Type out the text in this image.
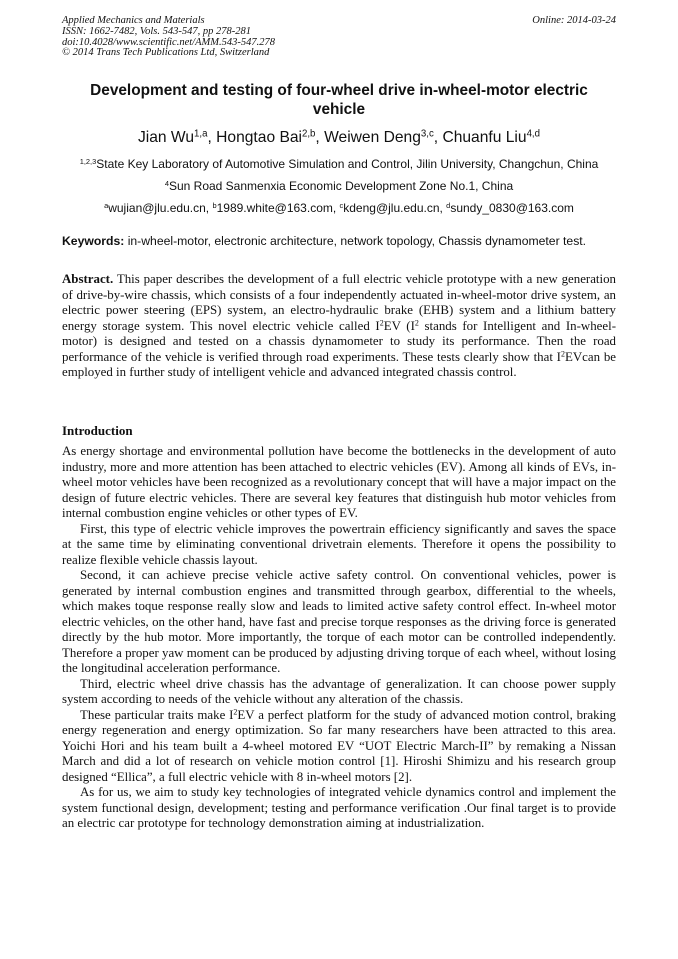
Applied Mechanics and Materials
ISSN: 1662-7482, Vols. 543-547, pp 278-281
doi:10.4028/www.scientific.net/AMM.543-547.278
© 2014 Trans Tech Publications Ltd, Switzerland
Online: 2014-03-24
Development and testing of four-wheel drive in-wheel-motor electric vehicle
Jian Wu$^{1,a}$, Hongtao Bai$^{2,b}$, Weiwen Deng$^{3,c}$, Chuanfu Liu$^{4,d}$
$^{1,2,3}$State Key Laboratory of Automotive Simulation and Control, Jilin University, Changchun, China
$^4$Sun Road Sanmenxia Economic Development Zone No.1, China
$^a$wujian@jlu.edu.cn, $^b$1989.white@163.com, $^c$kdeng@jlu.edu.cn, $^d$sundy_0830@163.com
Keywords: in-wheel-motor, electronic architecture, network topology, Chassis dynamometer test.

Abstract. This paper describes the development of a full electric vehicle prototype with a new generation of drive-by-wire chassis, which consists of a four independently actuated in-wheel-motor drive system, an electric power steering (EPS) system, an electro-hydraulic brake (EHB) system and a lithium battery energy storage system. This novel electric vehicle called $I^2EV$ ($I^2$ stands for Intelligent and In-wheel-motor) is designed and tested on a chassis dynamometer to study its performance. Then the road performance of the vehicle is verified through road experiments. These tests clearly show that $I^2EVcan$ be employed in further study of intelligent vehicle and advanced integrated chassis control.

Introduction

As energy shortage and environmental pollution have become the bottlenecks in the development of auto industry, more and more attention has been attached to electric vehicles (EV). Among all kinds of EVs, in-wheel motor vehicles have been recognized as a revolutionary concept that will have a major impact on the design of future electric vehicles. There are several key features that distinguish hub motor vehicles from internal combustion engine vehicles or other types of EV.

First, this type of electric vehicle improves the powertrain efficiency significantly and saves the space at the same time by eliminating conventional drivetrain elements. Therefore it opens the possibility to realize flexible vehicle chassis layout.

Second, it can achieve precise vehicle active safety control. On conventional vehicles, power is generated by internal combustion engines and transmitted through gearbox, differential to the wheels, which makes toque response really slow and leads to limited active safety control effect. In-wheel motor electric vehicles, on the other hand, have fast and precise torque responses as the driving force is generated directly by the hub motor. More importantly, the torque of each motor can be controlled independently. Therefore a proper yaw moment can be produced by adjusting driving torque of each wheel, without losing the longitudinal acceleration performance.

Third, electric wheel drive chassis has the advantage of generalization. It can choose power supply system according to needs of the vehicle without any alteration of the chassis.

These particular traits make $I^2EV$ a perfect platform for the study of advanced motion control, braking energy regeneration and energy optimization. So far many researchers have been attracted to this area. Yoichi Hori and his team built a 4-wheel motored EV “UOT Electric March-II” by remaking a Nissan March and did a lot of research on vehicle motion control [1]. Hiroshi Shimizu and his research group designed “Ellica”, a full electric vehicle with 8 in-wheel motors [2].

As for us, we aim to study key technologies of integrated vehicle dynamics control and implement the system functional design, development; testing and performance verification .Our final target is to provide an electric car prototype for technology demonstration aiming at industrialization.
